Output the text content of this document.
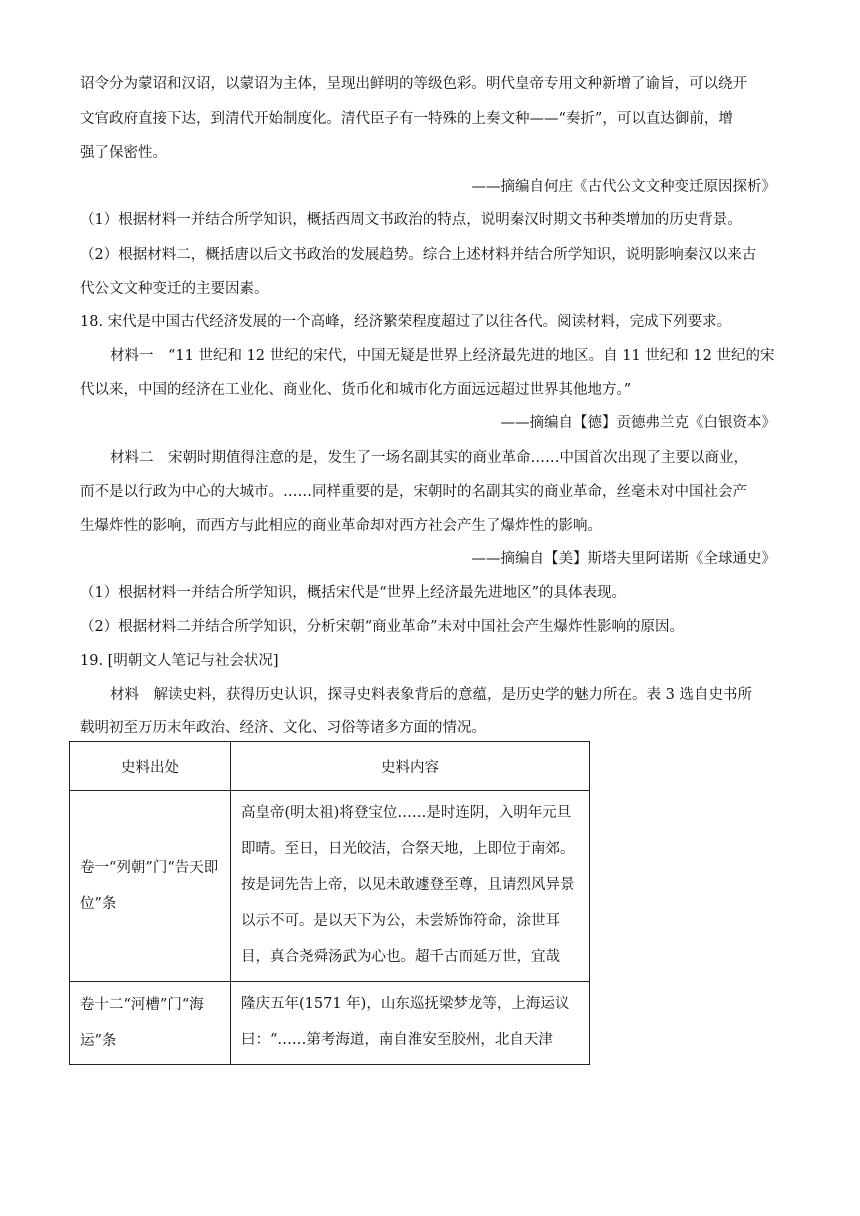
诏令分为蒙诏和汉诏，以蒙诏为主体，呈现出鲜明的等级色彩。明代皇帝专用文种新增了谕旨，可以绕开
文官政府直接下达，到清代开始制度化。清代臣子有一特殊的上奏文种——“奏折”，可以直达御前，增
强了保密性。
——摘编自何庄《古代公文文种变迁原因探析》
（1）根据材料一并结合所学知识，概括西周文书政治的特点，说明秦汉时期文书种类增加的历史背景。
（2）根据材料二，概括唐以后文书政治的发展趋势。综合上述材料并结合所学知识，说明影响秦汉以来古
代公文文种变迁的主要因素。
18. 宋代是中国古代经济发展的一个高峰，经济繁荣程度超过了以往各代。阅读材料，完成下列要求。
材料一　“11 世纪和 12 世纪的宋代，中国无疑是世界上经济最先进的地区。自 11 世纪和 12 世纪的宋
代以来，中国的经济在工业化、商业化、货币化和城市化方面远远超过世界其他地方。”
——摘编自【德】贡德弗兰克《白银资本》
材料二　宋朝时期值得注意的是，发生了一场名副其实的商业革命……中国首次出现了主要以商业，
而不是以行政为中心的大城市。……同样重要的是，宋朝时的名副其实的商业革命，丝毫未对中国社会产
生爆炸性的影响，而西方与此相应的商业革命却对西方社会产生了爆炸性的影响。
——摘编自【美】斯塔夫里阿诺斯《全球通史》
（1）根据材料一并结合所学知识，概括宋代是“世界上经济最先进地区”的具体表现。
（2）根据材料二并结合所学知识，分析宋朝“商业革命”未对中国社会产生爆炸性影响的原因。
19. [明朝文人笔记与社会状况]
材料　解读史料，获得历史认识，探寻史料表象背后的意蕴，是历史学的魅力所在。表 3 选自史书所
载明初至万历末年政治、经济、文化、习俗等诸多方面的情况。
史料出处	史料内容
卷一“列朝”门“告天即位”条	高皇帝(明太祖)将登宝位……是时连阴，入明年元旦即晴。至日，日光皎洁，合祭天地，上即位于南郊。按是词先告上帝，以见未敢遽登至尊，且请烈风异景以示不可。是以天下为公，未尝矫饰符命，涂世耳目，真合尧舜汤武为心也。超千古而延万世，宜哉
卷十二“河槽”门“海运”条	隆庆五年(1571 年)，山东巡抚梁梦龙等，上海运议曰：“……第考海道，南自淮安至胶州，北自天津
